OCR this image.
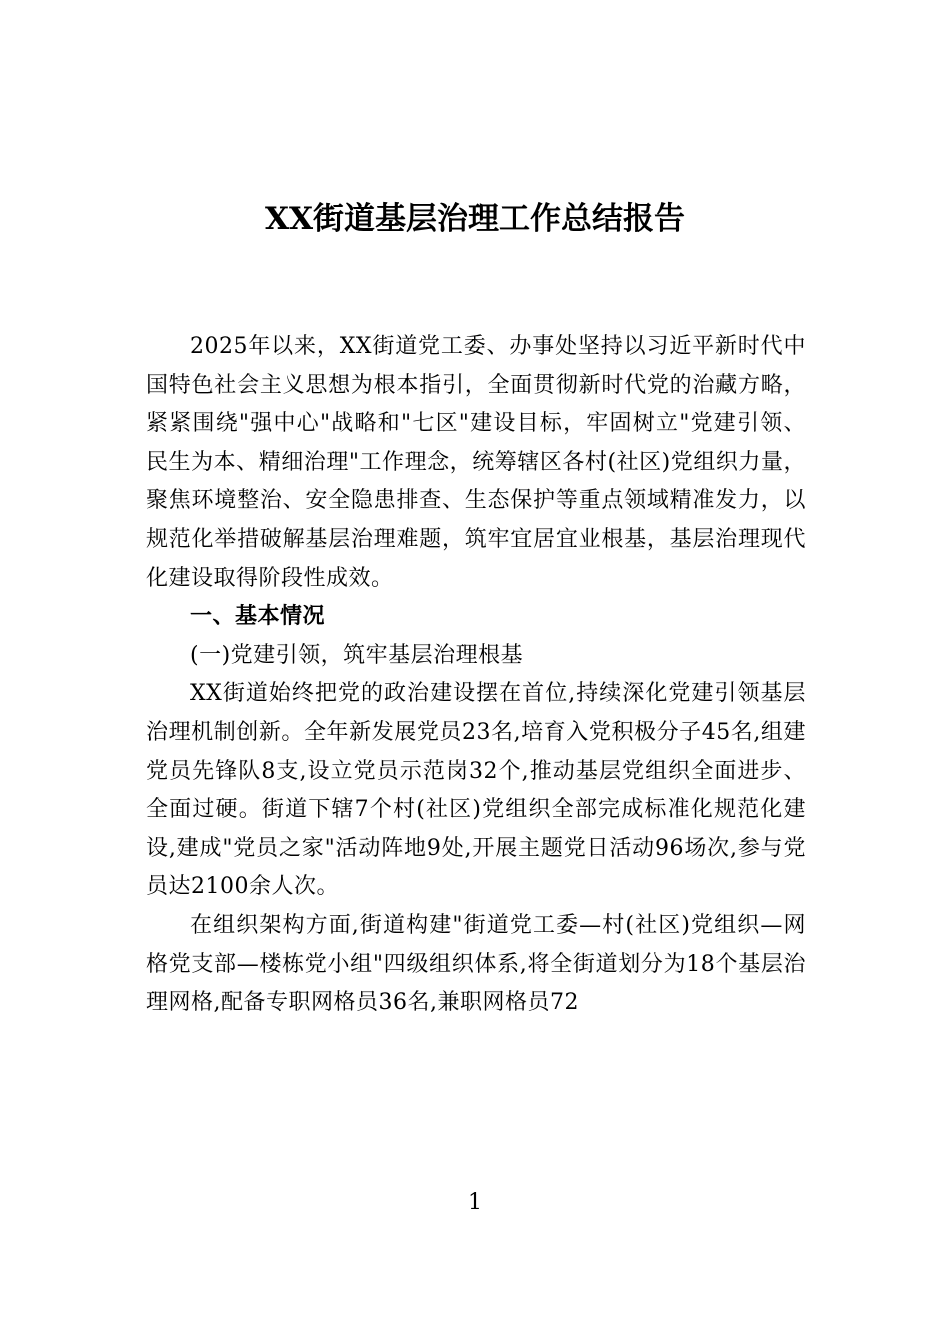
XX街道基层治理工作总结报告

2025年以来，XX街道党工委、办事处坚持以习近平新时代中国特色社会主义思想为根本指引，全面贯彻新时代党的治藏方略，紧紧围绕"强中心"战略和"七区"建设目标，牢固树立"党建引领、民生为本、精细治理"工作理念，统筹辖区各村(社区)党组织力量，聚焦环境整治、安全隐患排查、生态保护等重点领域精准发力，以规范化举措破解基层治理难题，筑牢宜居宜业根基，基层治理现代化建设取得阶段性成效。

一、基本情况

(一)党建引领，筑牢基层治理根基

XX街道始终把党的政治建设摆在首位,持续深化党建引领基层治理机制创新。全年新发展党员23名,培育入党积极分子45名,组建党员先锋队8支,设立党员示范岗32个,推动基层党组织全面进步、全面过硬。街道下辖7个村(社区)党组织全部完成标准化规范化建设,建成"党员之家"活动阵地9处,开展主题党日活动96场次,参与党员达2100余人次。

在组织架构方面,街道构建"街道党工委—村(社区)党组织—网格党支部—楼栋党小组"四级组织体系,将全街道划分为18个基层治理网格,配备专职网格员36名,兼职网格员72

1
